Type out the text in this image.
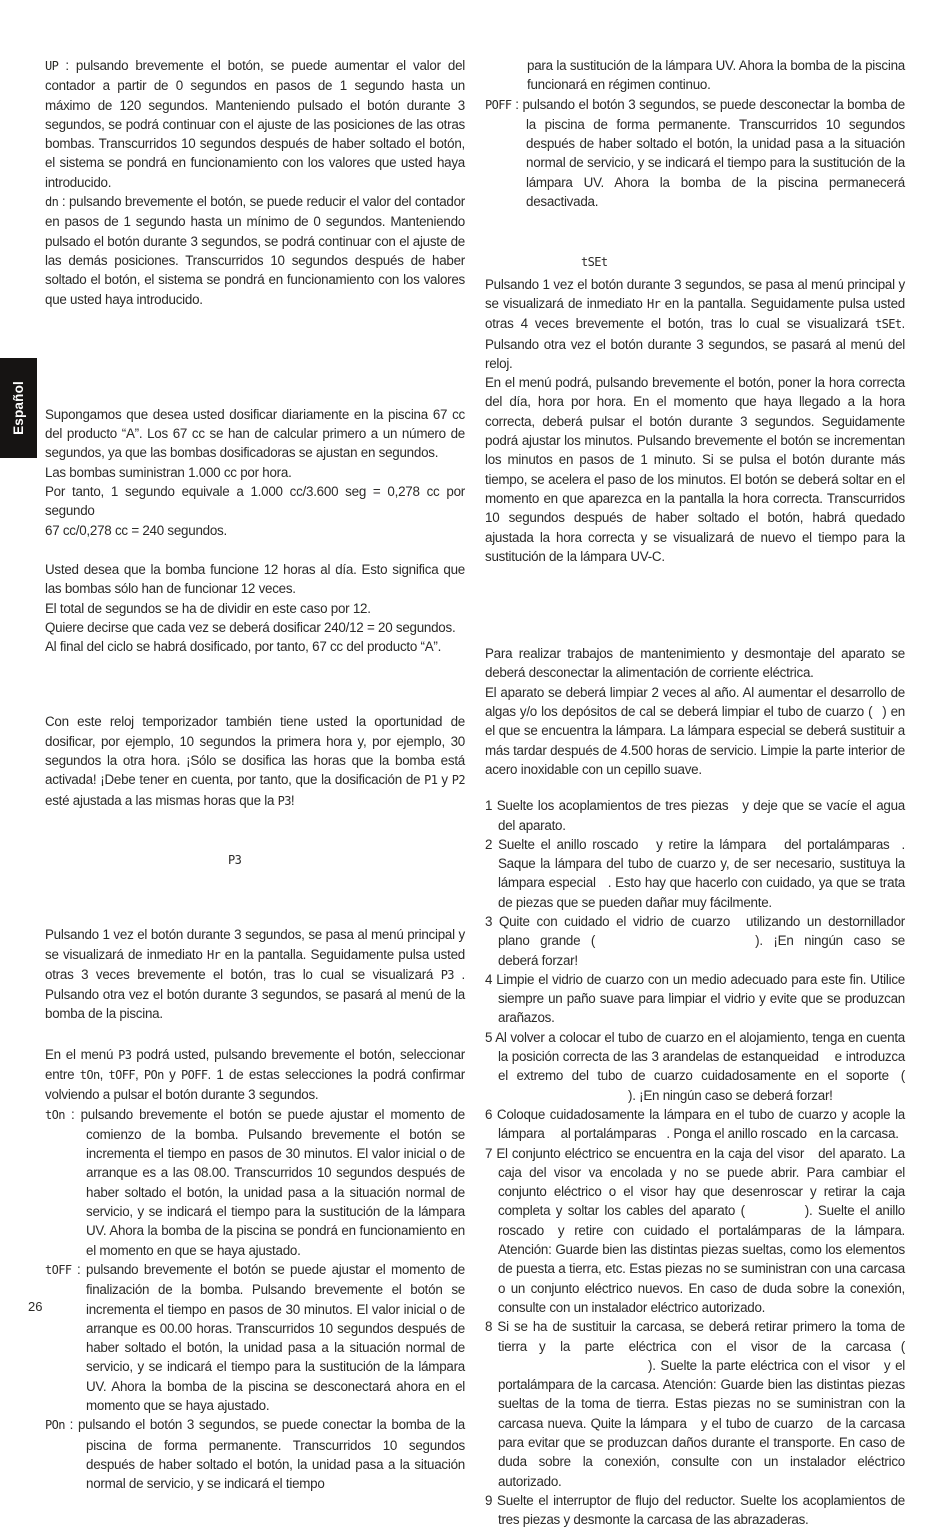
Español
UP : pulsando brevemente el botón, se puede aumentar el valor del contador a partir de 0 segundos en pasos de 1 segundo hasta un máximo de 120 segundos. Manteniendo pulsado el botón durante 3 segundos, se podrá continuar con el ajuste de las posiciones de las otras bombas. Transcurridos 10 segundos después de haber soltado el botón, el sistema se pondrá en funcionamiento con los valores que usted haya introducido.
dn : pulsando brevemente el botón, se puede reducir el valor del contador en pasos de 1 segundo hasta un mínimo de 0 segundos. Manteniendo pulsado el botón durante 3 segundos, se podrá continuar con el ajuste de las demás posiciones. Transcurridos 10 segundos después de haber soltado el botón, el sistema se pondrá en funcionamiento con los valores que usted haya introducido.
Supongamos que desea usted dosificar diariamente en la piscina 67 cc del producto “A”. Los 67 cc se han de calcular primero a un número de segundos, ya que las bombas dosificadoras se ajustan en segundos.
Las bombas suministran 1.000 cc por hora.
Por tanto, 1 segundo equivale a 1.000 cc/3.600 seg = 0,278 cc por segundo
67 cc/0,278 cc = 240 segundos.
Usted desea que la bomba funcione 12 horas al día. Esto significa que las bombas sólo han de funcionar 12 veces.
El total de segundos se ha de dividir en este caso por 12.
Quiere decirse que cada vez se deberá dosificar 240/12 = 20 segundos.
Al final del ciclo se habrá dosificado, por tanto, 67 cc del producto “A”.
Con este reloj temporizador también tiene usted la oportunidad de dosificar, por ejemplo, 10 segundos la primera hora y, por ejemplo, 30 segundos la otra hora. ¡Sólo se dosifica las horas que la bomba está activada! ¡Debe tener en cuenta, por tanto, que la dosificación de P1 y P2 esté ajustada a las mismas horas que la P3!
P3
Pulsando 1 vez el botón durante 3 segundos, se pasa al menú principal y se visualizará de inmediato Hr en la pantalla. Seguidamente pulsa usted otras 3 veces brevemente el botón, tras lo cual se visualizará P3 . Pulsando otra vez el botón durante 3 segundos, se pasará al menú de la bomba de la piscina.
En el menú P3 podrá usted, pulsando brevemente el botón, seleccionar entre tOn, tOFF, POn y POFF. 1 de estas selecciones la podrá confirmar volviendo a pulsar el botón durante 3 segundos.
tOn : pulsando brevemente el botón se puede ajustar el momento de comienzo de la bomba. Pulsando brevemente el botón se incrementa el tiempo en pasos de 30 minutos. El valor inicial o de arranque es a las 08.00. Transcurridos 10 segundos después de haber soltado el botón, la unidad pasa a la situación normal de servicio, y se indicará el tiempo para la sustitución de la lámpara UV. Ahora la bomba de la piscina se pondrá en funcionamiento en el momento en que se haya ajustado.
tOFF : pulsando brevemente el botón se puede ajustar el momento de finalización de la bomba. Pulsando brevemente el botón se incrementa el tiempo en pasos de 30 minutos. El valor inicial o de arranque es 00.00 horas. Transcurridos 10 segundos después de haber soltado el botón, la unidad pasa a la situación normal de servicio, y se indicará el tiempo para la sustitución de la lámpara UV. Ahora la bomba de la piscina se desconectará ahora en el momento que se haya ajustado.
POn : pulsando el botón 3 segundos, se puede conectar la bomba de la piscina de forma permanente. Transcurridos 10 segundos después de haber soltado el botón, la unidad pasa a la situación normal de servicio, y se indicará el tiempo
para la sustitución de la lámpara UV. Ahora la bomba de la piscina funcionará en régimen continuo.
POFF : pulsando el botón 3 segundos, se puede desconectar la bomba de la piscina de forma permanente. Transcurridos 10 segundos después de haber soltado el botón, la unidad pasa a la situación normal de servicio, y se indicará el tiempo para la sustitución de la lámpara UV. Ahora la bomba de la piscina permanecerá desactivada.
tSEt
Pulsando 1 vez el botón durante 3 segundos, se pasa al menú principal y se visualizará de inmediato Hr en la pantalla. Seguidamente pulsa usted otras 4 veces brevemente el botón, tras lo cual se visualizará tSEt. Pulsando otra vez el botón durante 3 segundos, se pasará al menú del reloj.
En el menú podrá, pulsando brevemente el botón, poner la hora correcta del día, hora por hora. En el momento que haya llegado a la hora correcta, deberá pulsar el botón durante 3 segundos. Seguidamente podrá ajustar los minutos. Pulsando brevemente el botón se incrementan los minutos en pasos de 1 minuto. Si se pulsa el botón durante más tiempo, se acelera el paso de los minutos. El botón se deberá soltar en el momento en que aparezca en la pantalla la hora correcta. Transcurridos 10 segundos después de haber soltado el botón, habrá quedado ajustada la hora correcta y se visualizará de nuevo el tiempo para la sustitución de la lámpara UV-C.
Para realizar trabajos de mantenimiento y desmontaje del aparato se deberá desconectar la alimentación de corriente eléctrica.
El aparato se deberá limpiar 2 veces al año. Al aumentar el desarrollo de algas y/o los depósitos de cal se deberá limpiar el tubo de cuarzo ( ) en el que se encuentra la lámpara. La lámpara especial se deberá sustituir a más tardar después de 4.500 horas de servicio. Limpie la parte interior de acero inoxidable con un cepillo suave.
1 Suelte los acoplamientos de tres piezas y deje que se vacíe el agua del aparato.
2 Suelte el anillo roscado y retire la lámpara del portalámparas . Saque la lámpara del tubo de cuarzo y, de ser necesario, sustituya la lámpara especial . Esto hay que hacerlo con cuidado, ya que se trata de piezas que se pueden dañar muy fácilmente.
3 Quite con cuidado el vidrio de cuarzo utilizando un destornillador plano grande (	). ¡En ningún caso se deberá forzar!
4 Limpie el vidrio de cuarzo con un medio adecuado para este fin. Utilice siempre un paño suave para limpiar el vidrio y evite que se produzcan arañazos.
5 Al volver a colocar el tubo de cuarzo en el alojamiento, tenga en cuenta la posición correcta de las 3 arandelas de estanqueidad e introduzca el extremo del tubo de cuarzo cuidadosamente en el soporte (). ¡En ningún caso se deberá forzar!
6 Coloque cuidadosamente la lámpara en el tubo de cuarzo y acople la lámpara al portalámparas . Ponga el anillo roscado en la carcasa.
7 El conjunto eléctrico se encuentra en la caja del visor del aparato. La caja del visor va encolada y no se puede abrir. Para cambiar el conjunto eléctrico o el visor hay que desenroscar y retirar la caja completa y soltar los cables del aparato (	). Suelte el anillo roscado y retire con cuidado el portalámparas de la lámpara. Atención: Guarde bien las distintas piezas sueltas, como los elementos de puesta a tierra, etc. Estas piezas no se suministran con una carcasa o un conjunto eléctrico nuevos. En caso de duda sobre la conexión, consulte con un instalador eléctrico autorizado.
8 Si se ha de sustituir la carcasa, se deberá retirar primero la toma de tierra y la parte eléctrica con el visor de la carcasa (). Suelte la parte eléctrica con el visor y el portalámpara de la carcasa. Atención: Guarde bien las distintas piezas sueltas de la toma de tierra. Estas piezas no se suministran con la carcasa nueva. Quite la lámpara y el tubo de cuarzo de la carcasa para evitar que se produzcan daños durante el transporte. En caso de duda sobre la conexión, consulte con un instalador eléctrico autorizado.
9 Suelte el interruptor de flujo del reductor. Suelte los acoplamientos de tres piezas y desmonte la carcasa de las abrazaderas.
26
